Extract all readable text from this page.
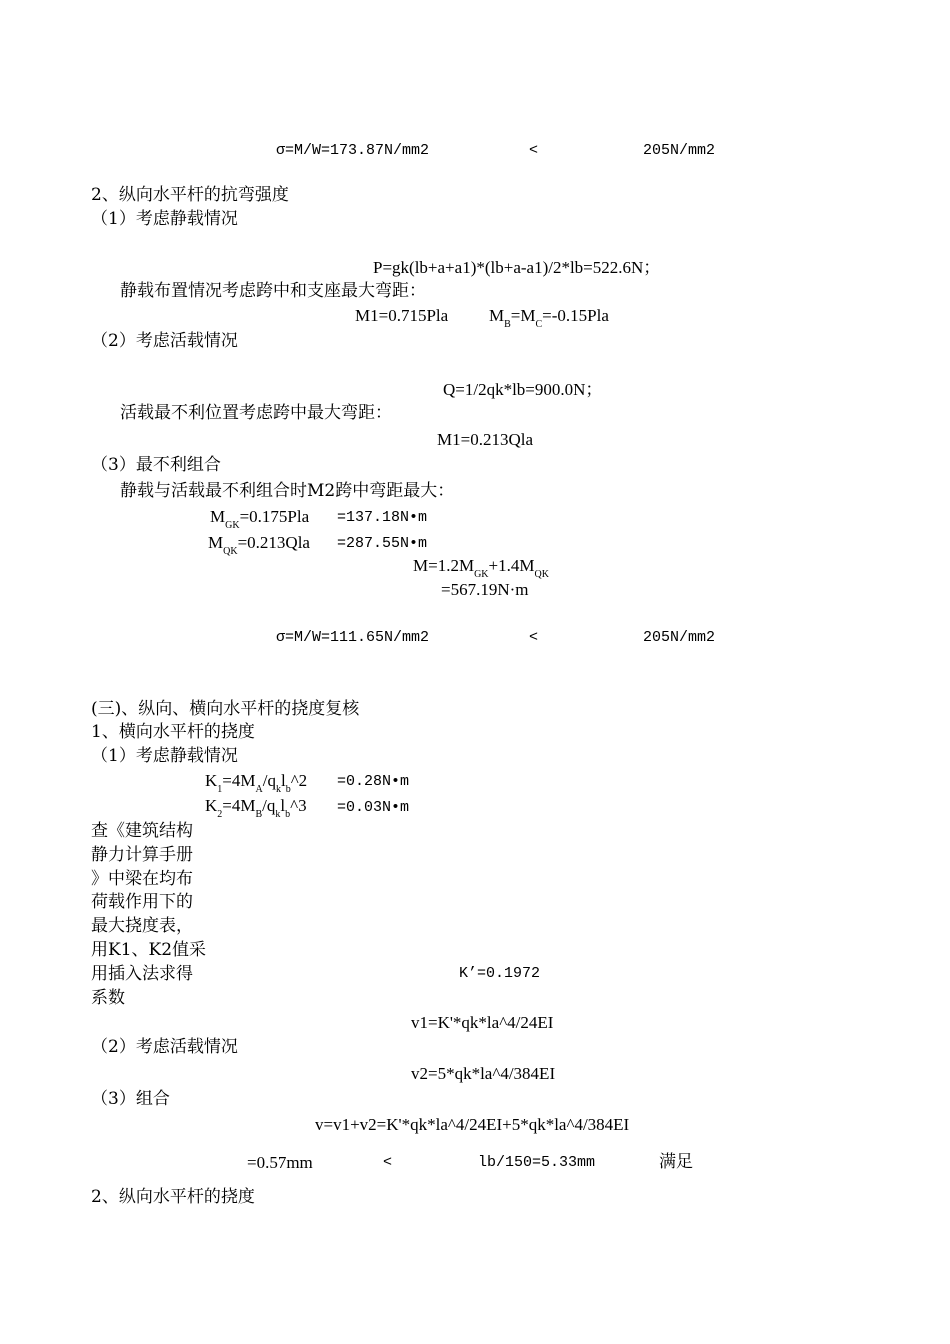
σ=M/W=173.87N/mm2	<	205N/mm2
2、纵向水平杆的抗弯强度
（1）考虑静载情况
P=gk(lb+a+a1)*(lb+a-a1)/2*lb=522.6N；
静载布置情况考虑跨中和支座最大弯距：
M1=0.715Pla $M_B=M_C=-0.15Pla$
（2）考虑活载情况
Q=1/2qk*lb=900.0N；
活载最不利位置考虑跨中最大弯距：
M1=0.213Qla
（3）最不利组合
静载与活载最不利组合时M2跨中弯距最大：
$M_{GK}=0.175Pla$ =137.18N•m
$M_{QK}=0.213Qla$ =287.55N•m
$M=1.2M_{GK}+1.4M_{QK}$
=567.19N·m
σ=M/W=111.65N/mm2	<	205N/mm2
(三)、纵向、横向水平杆的挠度复核
1、横向水平杆的挠度
（1）考虑静载情况
$K_1=4M_A/q_kl_b\^{}2$ =0.28N•m
$K_2=4M_B/q_kl_b\^{}3$ =0.03N•m
查《建筑结构
静力计算手册
》中梁在均布
荷载作用下的
最大挠度表，
用K1、K2值采
用插入法求得
系数
K’=0.1972
v1=K'*qk*la^4/24EI
（2）考虑活载情况
v2=5*qk*la^4/384EI
（3）组合
v=v1+v2=K'*qk*la^4/24EI+5*qk*la^4/384EI
=0.57mm	<	lb/150=5.33mm	满足
2、纵向水平杆的挠度
